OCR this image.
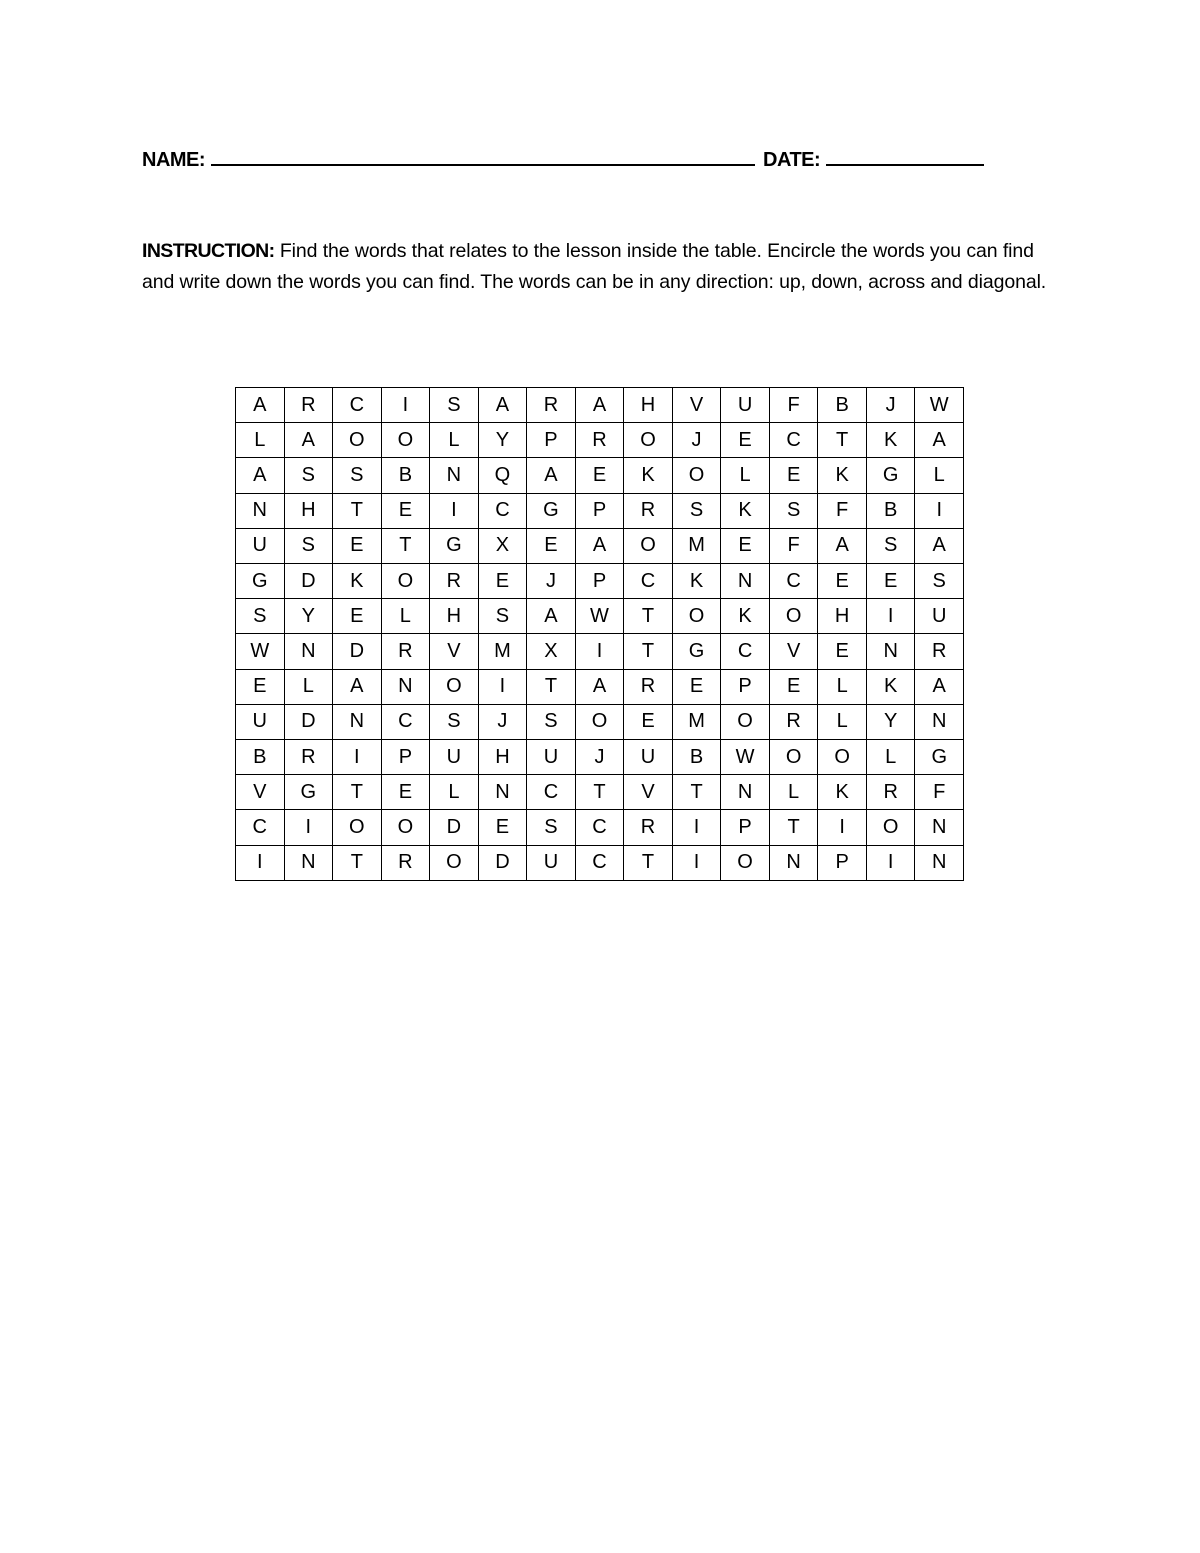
NAME:	DATE:
INSTRUCTION: Find the words that relates to the lesson inside the table. Encircle the words you can find and write down the words you can find. The words can be in any direction: up, down, across and diagonal.
A	R	C	I	S	A	R	A	H	V	U	F	B	J	W
L	A	O	O	L	Y	P	R	O	J	E	C	T	K	A
A	S	S	B	N	Q	A	E	K	O	L	E	K	G	L
N	H	T	E	I	C	G	P	R	S	K	S	F	B	I
U	S	E	T	G	X	E	A	O	M	E	F	A	S	A
G	D	K	O	R	E	J	P	C	K	N	C	E	E	S
S	Y	E	L	H	S	A	W	T	O	K	O	H	I	U
W	N	D	R	V	M	X	I	T	G	C	V	E	N	R
E	L	A	N	O	I	T	A	R	E	P	E	L	K	A
U	D	N	C	S	J	S	O	E	M	O	R	L	Y	N
B	R	I	P	U	H	U	J	U	B	W	O	O	L	G
V	G	T	E	L	N	C	T	V	T	N	L	K	R	F
C	I	O	O	D	E	S	C	R	I	P	T	I	O	N
I	N	T	R	O	D	U	C	T	I	O	N	P	I	N
